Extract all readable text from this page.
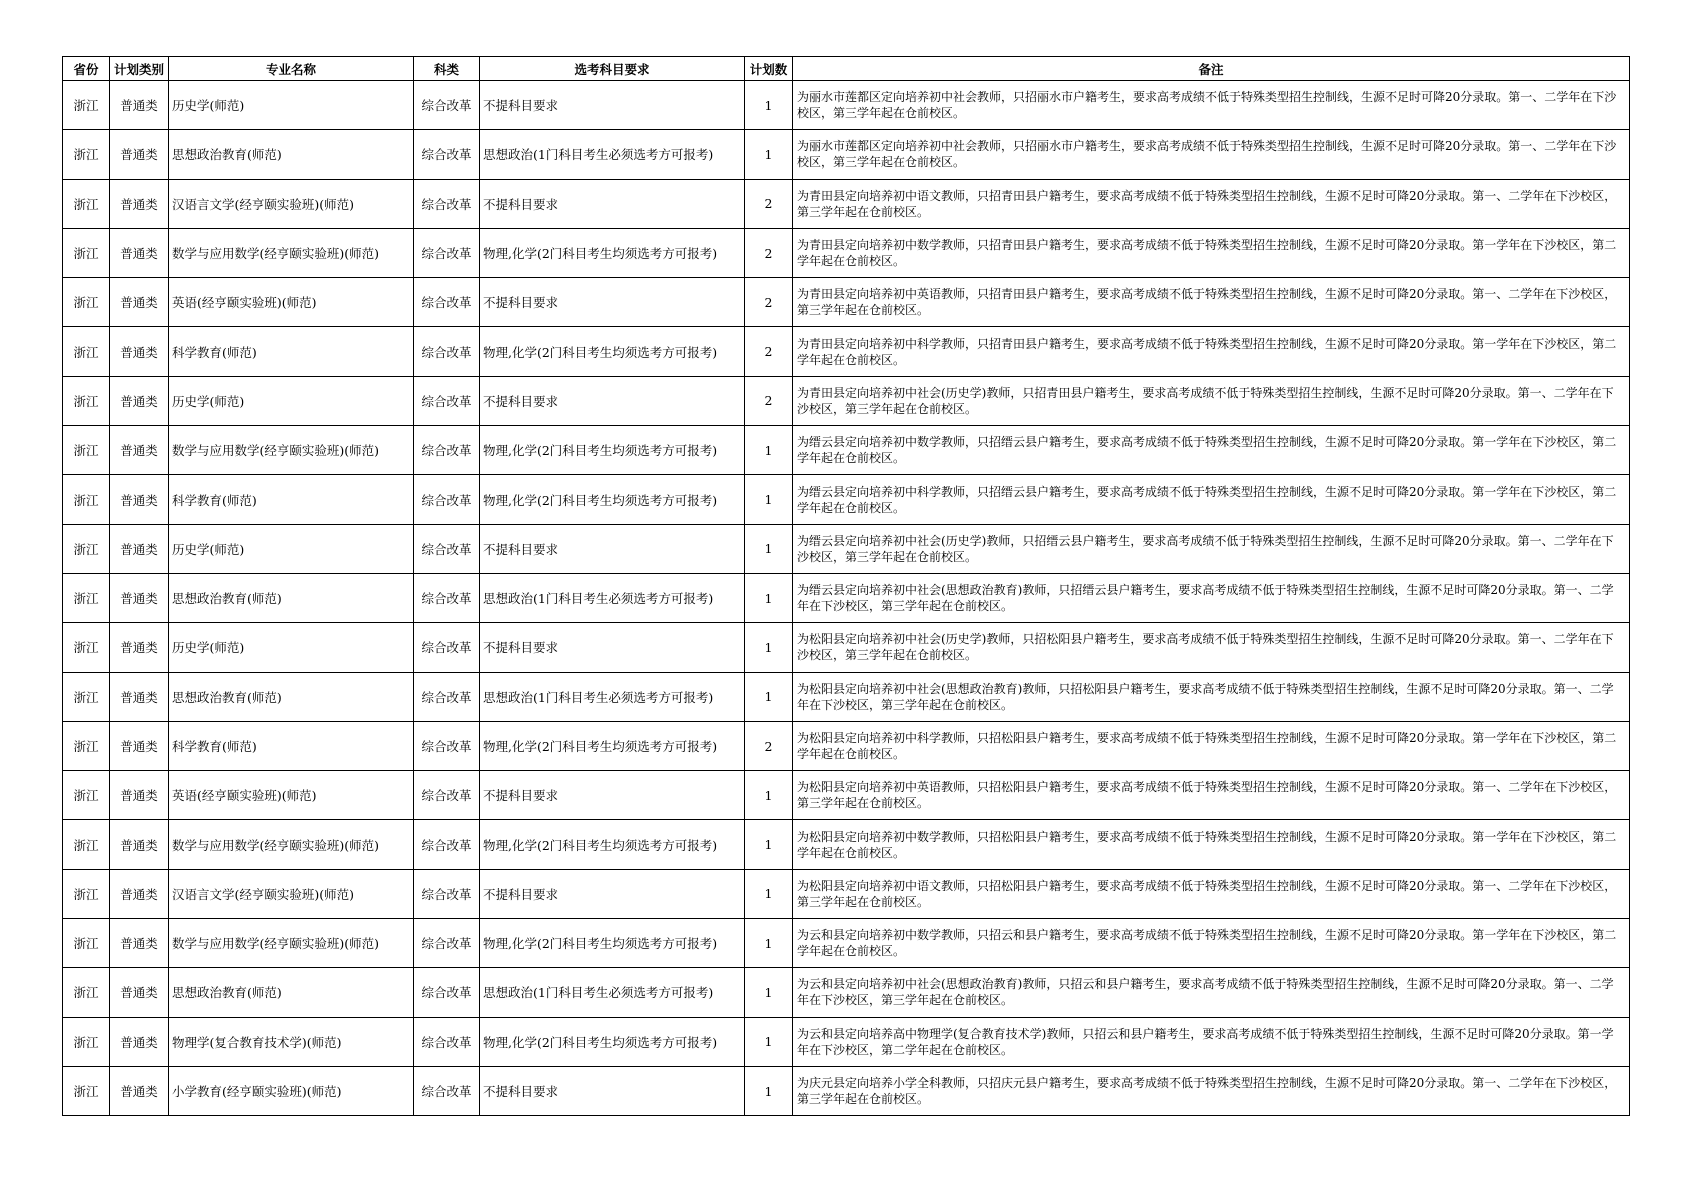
省份	计划类别	专业名称	科类	选考科目要求	计划数	备注
浙江	普通类	历史学(师范)	综合改革	不提科目要求	1	为丽水市莲都区定向培养初中社会教师，只招丽水市户籍考生，要求高考成绩不低于特殊类型招生控制线，生源不足时可降20分录取。第一、二学年在下沙校区，第三学年起在仓前校区。
浙江	普通类	思想政治教育(师范)	综合改革	思想政治(1门科目考生必须选考方可报考)	1	为丽水市莲都区定向培养初中社会教师，只招丽水市户籍考生，要求高考成绩不低于特殊类型招生控制线，生源不足时可降20分录取。第一、二学年在下沙校区，第三学年起在仓前校区。
浙江	普通类	汉语言文学(经亨颐实验班)(师范)	综合改革	不提科目要求	2	为青田县定向培养初中语文教师，只招青田县户籍考生，要求高考成绩不低于特殊类型招生控制线，生源不足时可降20分录取。第一、二学年在下沙校区，第三学年起在仓前校区。
浙江	普通类	数学与应用数学(经亨颐实验班)(师范)	综合改革	物理,化学(2门科目考生均须选考方可报考)	2	为青田县定向培养初中数学教师，只招青田县户籍考生，要求高考成绩不低于特殊类型招生控制线，生源不足时可降20分录取。第一学年在下沙校区，第二学年起在仓前校区。
浙江	普通类	英语(经亨颐实验班)(师范)	综合改革	不提科目要求	2	为青田县定向培养初中英语教师，只招青田县户籍考生，要求高考成绩不低于特殊类型招生控制线，生源不足时可降20分录取。第一、二学年在下沙校区，第三学年起在仓前校区。
浙江	普通类	科学教育(师范)	综合改革	物理,化学(2门科目考生均须选考方可报考)	2	为青田县定向培养初中科学教师，只招青田县户籍考生，要求高考成绩不低于特殊类型招生控制线，生源不足时可降20分录取。第一学年在下沙校区，第二学年起在仓前校区。
浙江	普通类	历史学(师范)	综合改革	不提科目要求	2	为青田县定向培养初中社会(历史学)教师，只招青田县户籍考生，要求高考成绩不低于特殊类型招生控制线，生源不足时可降20分录取。第一、二学年在下沙校区，第三学年起在仓前校区。
浙江	普通类	数学与应用数学(经亨颐实验班)(师范)	综合改革	物理,化学(2门科目考生均须选考方可报考)	1	为缙云县定向培养初中数学教师，只招缙云县户籍考生，要求高考成绩不低于特殊类型招生控制线，生源不足时可降20分录取。第一学年在下沙校区，第二学年起在仓前校区。
浙江	普通类	科学教育(师范)	综合改革	物理,化学(2门科目考生均须选考方可报考)	1	为缙云县定向培养初中科学教师，只招缙云县户籍考生，要求高考成绩不低于特殊类型招生控制线，生源不足时可降20分录取。第一学年在下沙校区，第二学年起在仓前校区。
浙江	普通类	历史学(师范)	综合改革	不提科目要求	1	为缙云县定向培养初中社会(历史学)教师，只招缙云县户籍考生，要求高考成绩不低于特殊类型招生控制线，生源不足时可降20分录取。第一、二学年在下沙校区，第三学年起在仓前校区。
浙江	普通类	思想政治教育(师范)	综合改革	思想政治(1门科目考生必须选考方可报考)	1	为缙云县定向培养初中社会(思想政治教育)教师，只招缙云县户籍考生，要求高考成绩不低于特殊类型招生控制线，生源不足时可降20分录取。第一、二学年在下沙校区，第三学年起在仓前校区。
浙江	普通类	历史学(师范)	综合改革	不提科目要求	1	为松阳县定向培养初中社会(历史学)教师，只招松阳县户籍考生，要求高考成绩不低于特殊类型招生控制线，生源不足时可降20分录取。第一、二学年在下沙校区，第三学年起在仓前校区。
浙江	普通类	思想政治教育(师范)	综合改革	思想政治(1门科目考生必须选考方可报考)	1	为松阳县定向培养初中社会(思想政治教育)教师，只招松阳县户籍考生，要求高考成绩不低于特殊类型招生控制线，生源不足时可降20分录取。第一、二学年在下沙校区，第三学年起在仓前校区。
浙江	普通类	科学教育(师范)	综合改革	物理,化学(2门科目考生均须选考方可报考)	2	为松阳县定向培养初中科学教师，只招松阳县户籍考生，要求高考成绩不低于特殊类型招生控制线，生源不足时可降20分录取。第一学年在下沙校区，第二学年起在仓前校区。
浙江	普通类	英语(经亨颐实验班)(师范)	综合改革	不提科目要求	1	为松阳县定向培养初中英语教师，只招松阳县户籍考生，要求高考成绩不低于特殊类型招生控制线，生源不足时可降20分录取。第一、二学年在下沙校区，第三学年起在仓前校区。
浙江	普通类	数学与应用数学(经亨颐实验班)(师范)	综合改革	物理,化学(2门科目考生均须选考方可报考)	1	为松阳县定向培养初中数学教师，只招松阳县户籍考生，要求高考成绩不低于特殊类型招生控制线，生源不足时可降20分录取。第一学年在下沙校区，第二学年起在仓前校区。
浙江	普通类	汉语言文学(经亨颐实验班)(师范)	综合改革	不提科目要求	1	为松阳县定向培养初中语文教师，只招松阳县户籍考生，要求高考成绩不低于特殊类型招生控制线，生源不足时可降20分录取。第一、二学年在下沙校区，第三学年起在仓前校区。
浙江	普通类	数学与应用数学(经亨颐实验班)(师范)	综合改革	物理,化学(2门科目考生均须选考方可报考)	1	为云和县定向培养初中数学教师，只招云和县户籍考生，要求高考成绩不低于特殊类型招生控制线，生源不足时可降20分录取。第一学年在下沙校区，第二学年起在仓前校区。
浙江	普通类	思想政治教育(师范)	综合改革	思想政治(1门科目考生必须选考方可报考)	1	为云和县定向培养初中社会(思想政治教育)教师，只招云和县户籍考生，要求高考成绩不低于特殊类型招生控制线，生源不足时可降20分录取。第一、二学年在下沙校区，第三学年起在仓前校区。
浙江	普通类	物理学(复合教育技术学)(师范)	综合改革	物理,化学(2门科目考生均须选考方可报考)	1	为云和县定向培养高中物理学(复合教育技术学)教师，只招云和县户籍考生，要求高考成绩不低于特殊类型招生控制线，生源不足时可降20分录取。第一学年在下沙校区，第二学年起在仓前校区。
浙江	普通类	小学教育(经亨颐实验班)(师范)	综合改革	不提科目要求	1	为庆元县定向培养小学全科教师，只招庆元县户籍考生，要求高考成绩不低于特殊类型招生控制线，生源不足时可降20分录取。第一、二学年在下沙校区，第三学年起在仓前校区。
